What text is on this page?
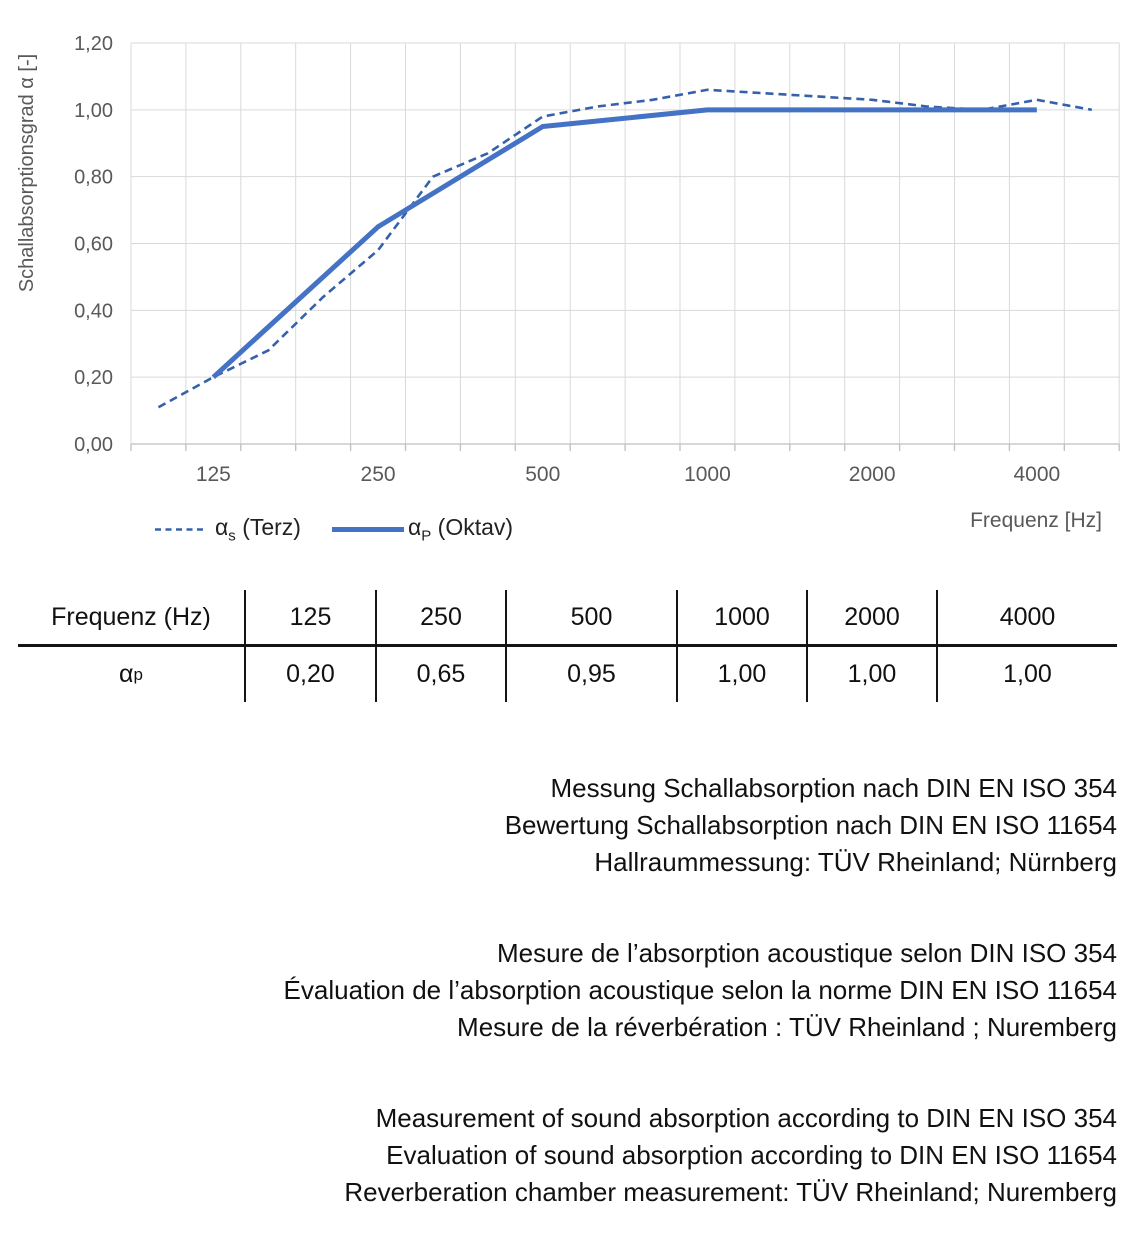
Schallabsorptionsgrad α [-]
Frequenz [Hz]
0,00
0,20
0,40
0,60
0,80
1,00
1,20
125	250	500	1000	2000	4000
$\alpha_s$ (Terz)	$\alpha_P$ (Oktav)
Frequenz (Hz)	125	250	500	1000	2000	4000
α p	0,20	0,65	0,95	1,00	1,00	1,00
Messung Schallabsorption nach DIN EN ISO 354
Bewertung Schallabsorption nach DIN EN ISO 11654
Hallraummessung: TÜV Rheinland; Nürnberg
Mesure de l’absorption acoustique selon DIN ISO 354
Évaluation de l’absorption acoustique selon la norme DIN EN ISO 11654
Mesure de la réverbération : TÜV Rheinland ; Nuremberg
Measurement of sound absorption according to DIN EN ISO 354
Evaluation of sound absorption according to DIN EN ISO 11654
Reverberation chamber measurement: TÜV Rheinland; Nuremberg
